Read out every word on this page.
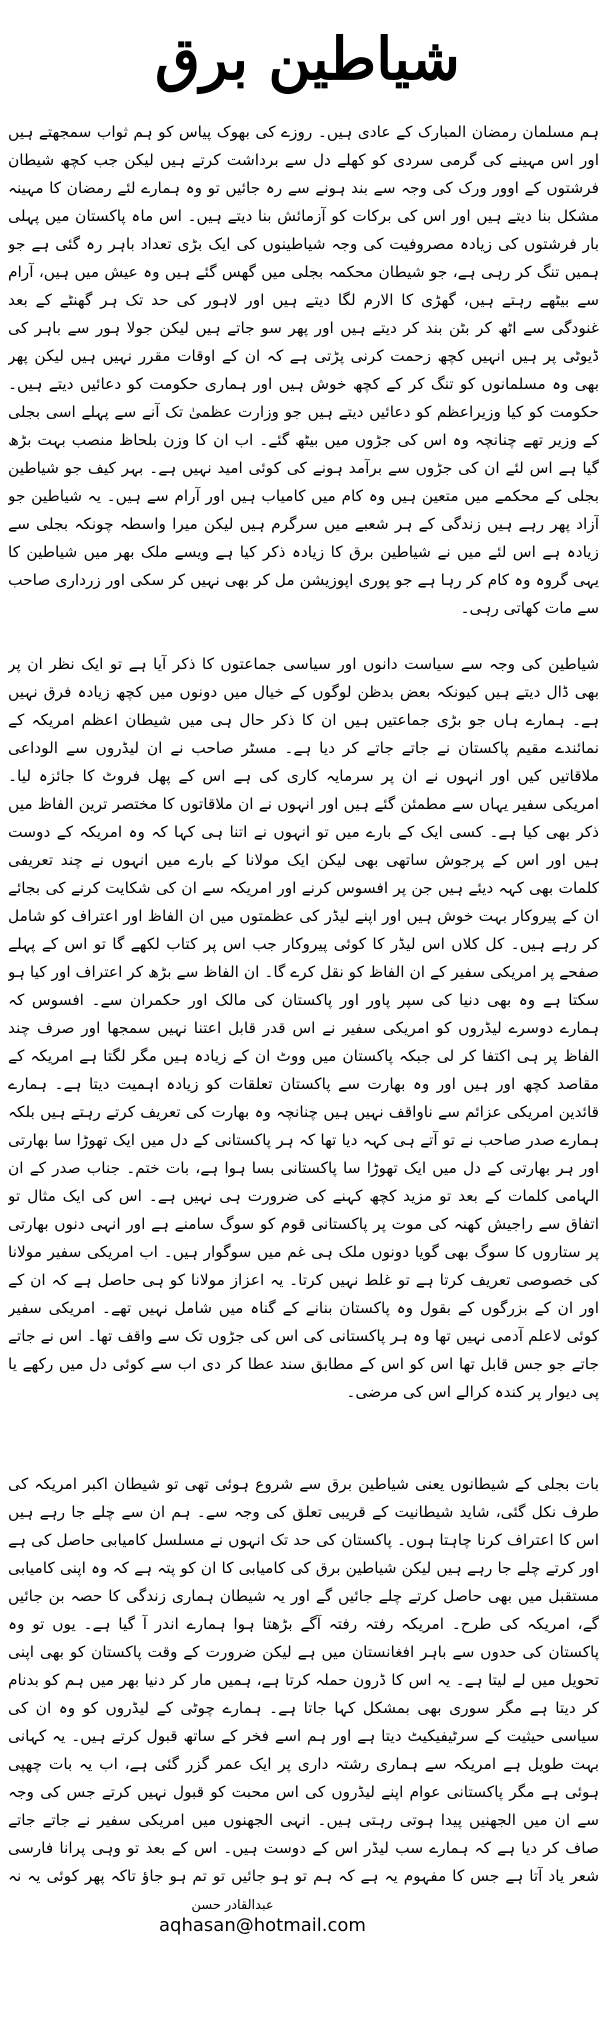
شیاطین برق

ہم مسلمان رمضان المبارک کے عادی ہیں۔ روزے کی بھوک پیاس کو ہم ثواب سمجھتے ہیں اور اس مہینے کی گرمی سردی کو کھلے دل سے برداشت کرتے ہیں لیکن جب کچھ شیطان فرشتوں کے اوور ورک کی وجہ سے بند ہونے سے رہ جائیں تو وہ ہمارے لئے رمضان کا مہینہ مشکل بنا دیتے ہیں اور اس کی برکات کو آزمائش بنا دیتے ہیں۔ اس ماہ پاکستان میں پہلی بار فرشتوں کی زیادہ مصروفیت کی وجہ شیاطینوں کی ایک بڑی تعداد باہر رہ گئی ہے جو ہمیں تنگ کر رہی ہے، جو شیطان محکمہ بجلی میں گھس گئے ہیں وہ عیش میں ہیں، آرام سے بیٹھے رہتے ہیں، گھڑی کا الارم لگا دیتے ہیں اور لاہور کی حد تک ہر گھنٹے کے بعد غنودگی سے اٹھ کر بٹن بند کر دیتے ہیں اور پھر سو جاتے ہیں لیکن جولا ہور سے باہر کی ڈیوٹی پر ہیں انہیں کچھ زحمت کرنی پڑتی ہے کہ ان کے اوقات مقرر نہیں ہیں لیکن پھر بھی وہ مسلمانوں کو تنگ کر کے کچھ خوش ہیں اور ہماری حکومت کو دعائیں دیتے ہیں۔ حکومت کو کیا وزیراعظم کو دعائیں دیتے ہیں جو وزارت عظمیٰ تک آنے سے پہلے اسی بجلی کے وزیر تھے چنانچہ وہ اس کی جڑوں میں بیٹھ گئے۔ اب ان کا وزن بلحاظ منصب بہت بڑھ گیا ہے اس لئے ان کی جڑوں سے برآمد ہونے کی کوئی امید نہیں ہے۔ بہر کیف جو شیاطین بجلی کے محکمے میں متعین ہیں وہ کام میں کامیاب ہیں اور آرام سے ہیں۔ یہ شیاطین جو آزاد پھر رہے ہیں زندگی کے ہر شعبے میں سرگرم ہیں لیکن میرا واسطہ چونکہ بجلی سے زیادہ ہے اس لئے میں نے شیاطین برق کا زیادہ ذکر کیا ہے ویسے ملک بھر میں شیاطین کا یہی گروہ وہ کام کر رہا ہے جو پوری اپوزیشن مل کر بھی نہیں کر سکی اور زرداری صاحب سے مات کھاتی رہی۔

شیاطین کی وجہ سے سیاست دانوں اور سیاسی جماعتوں کا ذکر آیا ہے تو ایک نظر ان پر بھی ڈال دیتے ہیں کیونکہ بعض بدظن لوگوں کے خیال میں دونوں میں کچھ زیادہ فرق نہیں ہے۔ ہمارے ہاں جو بڑی جماعتیں ہیں ان کا ذکر حال ہی میں شیطان اعظم امریکہ کے نمائندے مقیم پاکستان نے جاتے جاتے کر دیا ہے۔ مسٹر صاحب نے ان لیڈروں سے الوداعی ملاقاتیں کیں اور انہوں نے ان پر سرمایہ کاری کی ہے اس کے پھل فروٹ کا جائزہ لیا۔ امریکی سفیر یہاں سے مطمئن گئے ہیں اور انہوں نے ان ملاقاتوں کا مختصر ترین الفاظ میں ذکر بھی کیا ہے۔ کسی ایک کے بارے میں تو انہوں نے اتنا ہی کہا کہ وہ امریکہ کے دوست ہیں اور اس کے پرجوش ساتھی بھی لیکن ایک مولانا کے بارے میں انہوں نے چند تعریفی کلمات بھی کہہ دیئے ہیں جن پر افسوس کرنے اور امریکہ سے ان کی شکایت کرنے کی بجائے ان کے پیروکار بہت خوش ہیں اور اپنے لیڈر کی عظمتوں میں ان الفاظ اور اعتراف کو شامل کر رہے ہیں۔ کل کلاں اس لیڈر کا کوئی پیروکار جب اس پر کتاب لکھے گا تو اس کے پہلے صفحے پر امریکی سفیر کے ان الفاظ کو نقل کرے گا۔ ان الفاظ سے بڑھ کر اعتراف اور کیا ہو سکتا ہے وہ بھی دنیا کی سپر پاور اور پاکستان کی مالک اور حکمران سے۔ افسوس کہ ہمارے دوسرے لیڈروں کو امریکی سفیر نے اس قدر قابل اعتنا نہیں سمجھا اور صرف چند الفاظ پر ہی اکتفا کر لی جبکہ پاکستان میں ووٹ ان کے زیادہ ہیں مگر لگتا ہے امریکہ کے مقاصد کچھ اور ہیں اور وہ بھارت سے پاکستان تعلقات کو زیادہ اہمیت دیتا ہے۔ ہمارے قائدین امریکی عزائم سے ناواقف نہیں ہیں چنانچہ وہ بھارت کی تعریف کرتے رہتے ہیں بلکہ ہمارے صدر صاحب نے تو آتے ہی کہہ دیا تھا کہ ہر پاکستانی کے دل میں ایک تھوڑا سا بھارتی اور ہر بھارتی کے دل میں ایک تھوڑا سا پاکستانی بسا ہوا ہے، بات ختم۔ جناب صدر کے ان الہامی کلمات کے بعد تو مزید کچھ کہنے کی ضرورت ہی نہیں ہے۔ اس کی ایک مثال تو اتفاق سے راجیش کھنہ کی موت پر پاکستانی قوم کو سوگ سامنے ہے اور انہی دنوں بھارتی پر ستاروں کا سوگ بھی گویا دونوں ملک ہی غم میں سوگوار ہیں۔ اب امریکی سفیر مولانا کی خصوصی تعریف کرتا ہے تو غلط نہیں کرتا۔ یہ اعزاز مولانا کو ہی حاصل ہے کہ ان کے اور ان کے بزرگوں کے بقول وہ پاکستان بنانے کے گناہ میں شامل نہیں تھے۔ امریکی سفیر کوئی لاعلم آدمی نہیں تھا وہ ہر پاکستانی کی اس کی جڑوں تک سے واقف تھا۔ اس نے جاتے جاتے جو جس قابل تھا اس کو اس کے مطابق سند عطا کر دی اب سے کوئی دل میں رکھے یا پی دیوار پر کندہ کرالے اس کی مرضی۔

بات بجلی کے شیطانوں یعنی شیاطین برق سے شروع ہوئی تھی تو شیطان اکبر امریکہ کی طرف نکل گئی، شاید شیطانیت کے قریبی تعلق کی وجہ سے۔ ہم ان سے چلے جا رہے ہیں اس کا اعتراف کرنا چاہتا ہوں۔ پاکستان کی حد تک انہوں نے مسلسل کامیابی حاصل کی ہے اور کرتے چلے جا رہے ہیں لیکن شیاطین برق کی کامیابی کا ان کو پتہ ہے کہ وہ اپنی کامیابی مستقبل میں بھی حاصل کرتے چلے جائیں گے اور یہ شیطان ہماری زندگی کا حصہ بن جائیں گے، امریکہ کی طرح۔ امریکہ رفتہ رفتہ آگے بڑھتا ہوا ہمارے اندر آ گیا ہے۔ یوں تو وہ پاکستان کی حدوں سے باہر افغانستان میں ہے لیکن ضرورت کے وقت پاکستان کو بھی اپنی تحویل میں لے لیتا ہے۔ یہ اس کا ڈرون حملہ کرتا ہے، ہمیں مار کر دنیا بھر میں ہم کو بدنام کر دیتا ہے مگر سوری بھی بمشکل کہا جاتا ہے۔ ہمارے چوٹی کے لیڈروں کو وہ ان کی سیاسی حیثیت کے سرٹیفیکیٹ دیتا ہے اور ہم اسے فخر کے ساتھ قبول کرتے ہیں۔ یہ کہانی بہت طویل ہے امریکہ سے ہماری رشتہ داری پر ایک عمر گزر گئی ہے، اب یہ بات چھپی ہوئی ہے مگر پاکستانی عوام اپنے لیڈروں کی اس محبت کو قبول نہیں کرتے جس کی وجہ سے ان میں الجھنیں پیدا ہوتی رہتی ہیں۔ انہی الجھنوں میں امریکی سفیر نے جاتے جاتے صاف کر دیا ہے کہ ہمارے سب لیڈر اس کے دوست ہیں۔ اس کے بعد تو وہی پرانا فارسی شعر یاد آتا ہے جس کا مفہوم یہ ہے کہ ہم تو ہو جائیں تو تم ہو جاؤ تاکہ پھر کوئی یہ نہ

عبدالقادر حسن
aqhasan@hotmail.com
